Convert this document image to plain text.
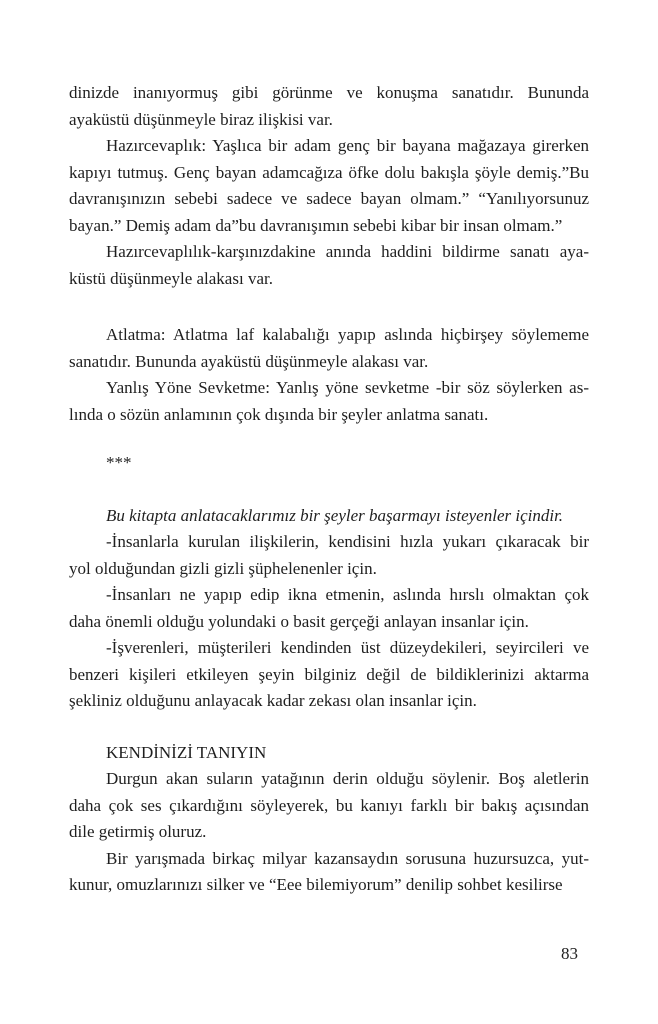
dinizde inanıyormuş gibi görünme ve konuşma sanatıdır. Bununda
ayaküstü düşünmeyle biraz ilişkisi var.
Hazırcevaplık: Yaşlıca bir adam genç bir bayana mağazaya girerken
kapıyı tutmuş. Genç bayan adamcağıza öfke dolu bakışla şöyle demiş.”Bu
davranışınızın sebebi sadece ve sadece bayan olmam.” “Yanılıyorsunuz
bayan.” Demiş adam da”bu davranışımın sebebi kibar bir insan olmam.”
Hazırcevaplılık-karşınızdakine anında haddini bildirme sanatı aya-
küstü düşünmeyle alakası var.
Atlatma: Atlatma laf kalabalığı yapıp aslında hiçbirşey söylememe
sanatıdır. Bununda ayaküstü düşünmeyle alakası var.
Yanlış Yöne Sevketme: Yanlış yöne sevketme -bir söz söylerken as-
lında o sözün anlamının çok dışında bir şeyler anlatma sanatı.
***
Bu kitapta anlatacaklarımız bir şeyler başarmayı isteyenler içindir.
-İnsanlarla kurulan ilişkilerin, kendisini hızla yukarı çıkaracak bir
yol olduğundan gizli gizli şüphelenenler için.
-İnsanları ne yapıp edip ikna etmenin, aslında hırslı olmaktan çok
daha önemli olduğu yolundaki o basit gerçeği anlayan insanlar için.
-İşverenleri, müşterileri kendinden üst düzeydekileri, seyircileri ve
benzeri kişileri etkileyen şeyin bilginiz değil de bildiklerinizi aktarma
şekliniz olduğunu anlayacak kadar zekası olan insanlar için.
KENDİNİZİ TANIYIN
Durgun akan suların yatağının derin olduğu söylenir. Boş aletlerin
daha çok ses çıkardığını söyleyerek, bu kanıyı farklı bir bakış açısından
dile getirmiş oluruz.
Bir yarışmada birkaç milyar kazansaydın sorusuna huzursuzca, yut-
kunur, omuzlarınızı silker ve “Eee bilemiyorum” denilip sohbet kesilirse
83
